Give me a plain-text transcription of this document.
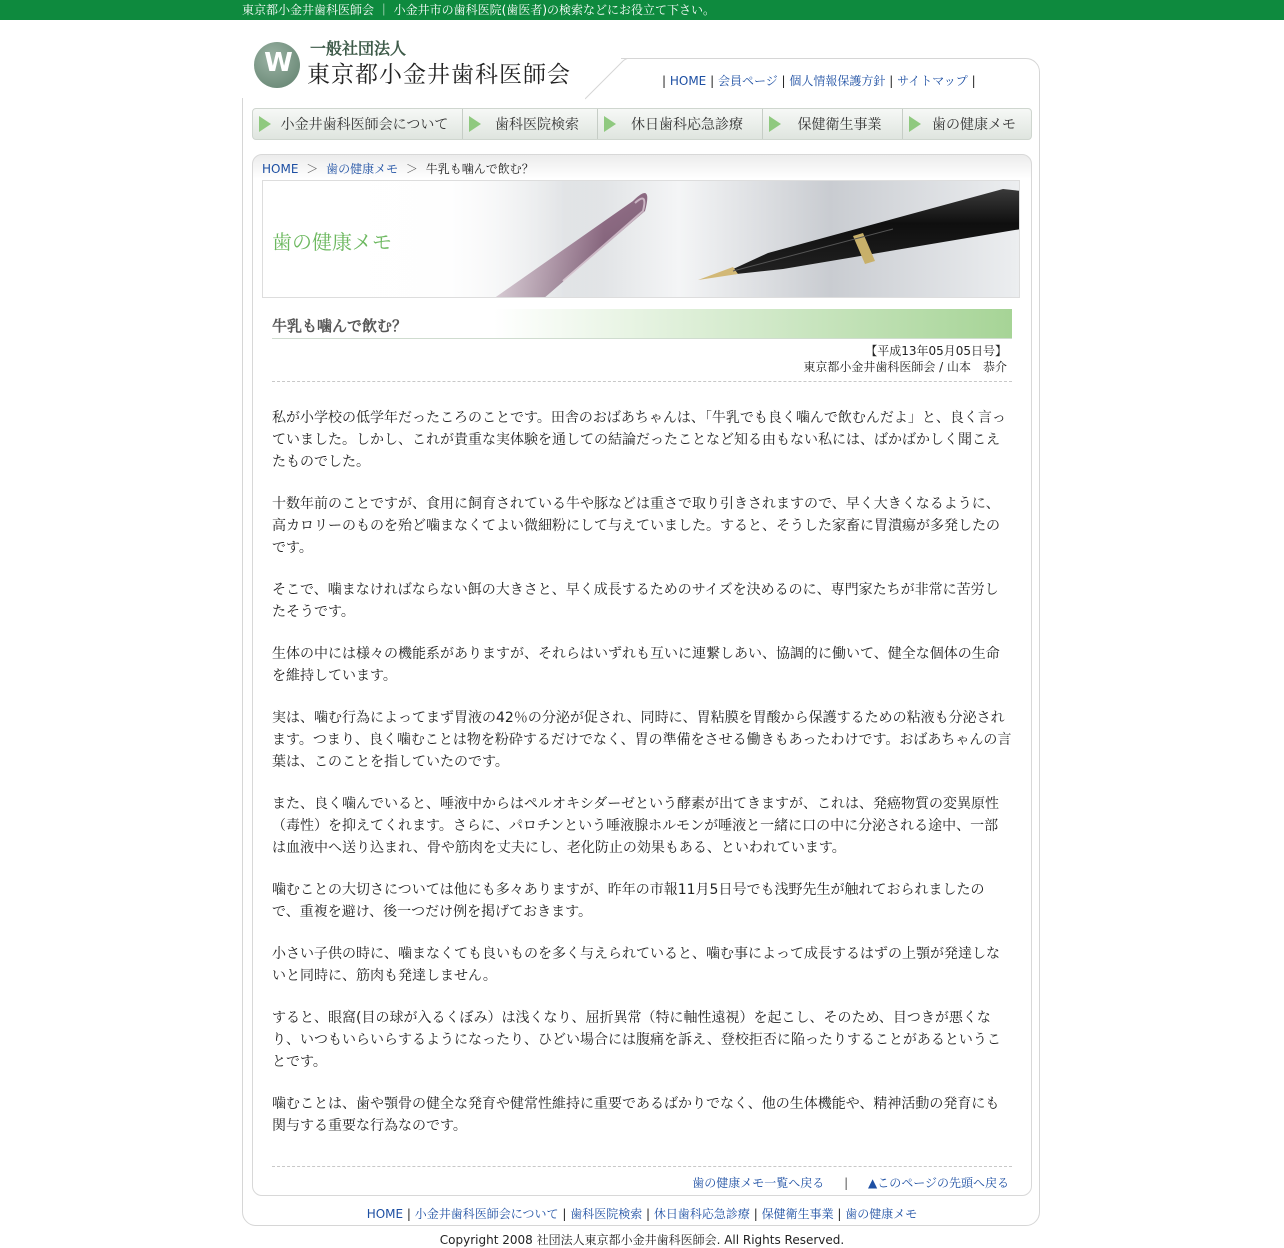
東京都小金井歯科医師会 ｜ 小金井市の歯科医院(歯医者)の検索などにお役立て下さい。
W	一般社団法人
東京都小金井歯科医師会	| HOME | 会員ページ | 個人情報保護方針 | サイトマップ |
小金井歯科医師会について	歯科医院検索	休日歯科応急診療	保健衛生事業	歯の健康メモ
HOME ＞ 歯の健康メモ ＞ 牛乳も噛んで飲む？
歯の健康メモ
牛乳も噛んで飲む？
【平成13年05月05日号】
東京都小金井歯科医師会 / 山本　恭介

私が小学校の低学年だったころのことです。田舎のおばあちゃんは、「牛乳でも良く噛んで飲むんだよ」と、良く言っていました。しかし、これが貴重な実体験を通しての結論だったことなど知る由もない私には、ばかばかしく聞こえたものでした。

十数年前のことですが、食用に飼育されている牛や豚などは重さで取り引きされますので、早く大きくなるように、高カロリーのものを殆ど噛まなくてよい微細粉にして与えていました。すると、そうした家畜に胃潰瘍が多発したのです。

そこで、噛まなければならない餌の大きさと、早く成長するためのサイズを決めるのに、専門家たちが非常に苦労したそうです。

生体の中には様々の機能系がありますが、それらはいずれも互いに連繋しあい、協調的に働いて、健全な個体の生命を維持しています。

実は、噛む行為によってまず胃液の42％の分泌が促され、同時に、胃粘膜を胃酸から保護するための粘液も分泌されます。つまり、良く噛むことは物を粉砕するだけでなく、胃の準備をさせる働きもあったわけです。おばあちゃんの言葉は、このことを指していたのです。

また、良く噛んでいると、唾液中からはペルオキシダーゼという酵素が出てきますが、これは、発癌物質の変異原性（毒性）を抑えてくれます。さらに、パロチンという唾液腺ホルモンが唾液と一緒に口の中に分泌される途中、一部は血液中へ送り込まれ、骨や筋肉を丈夫にし、老化防止の効果もある、といわれています。

噛むことの大切さについては他にも多々ありますが、昨年の市報11月5日号でも浅野先生が触れておられましたので、重複を避け、後一つだけ例を掲げておきます。

小さい子供の時に、噛まなくても良いものを多く与えられていると、噛む事によって成長するはずの上顎が発達しないと同時に、筋肉も発達しません。

すると、眼窩(目の球が入るくぼみ）は浅くなり、屈折異常（特に軸性遠視）を起こし、そのため、目つきが悪くなり、いつもいらいらするようになったり、ひどい場合には腹痛を訴え、登校拒否に陥ったりすることがあるということです。

噛むことは、歯や顎骨の健全な発育や健常性維持に重要であるばかりでなく、他の生体機能や、精神活動の発育にも関与する重要な行為なのです。

歯の健康メモ一覧へ戻る | ▲このページの先頭へ戻る
HOME | 小金井歯科医師会について | 歯科医院検索 | 休日歯科応急診療 | 保健衛生事業 | 歯の健康メモ
Copyright 2008 社団法人東京都小金井歯科医師会. All Rights Reserved.
